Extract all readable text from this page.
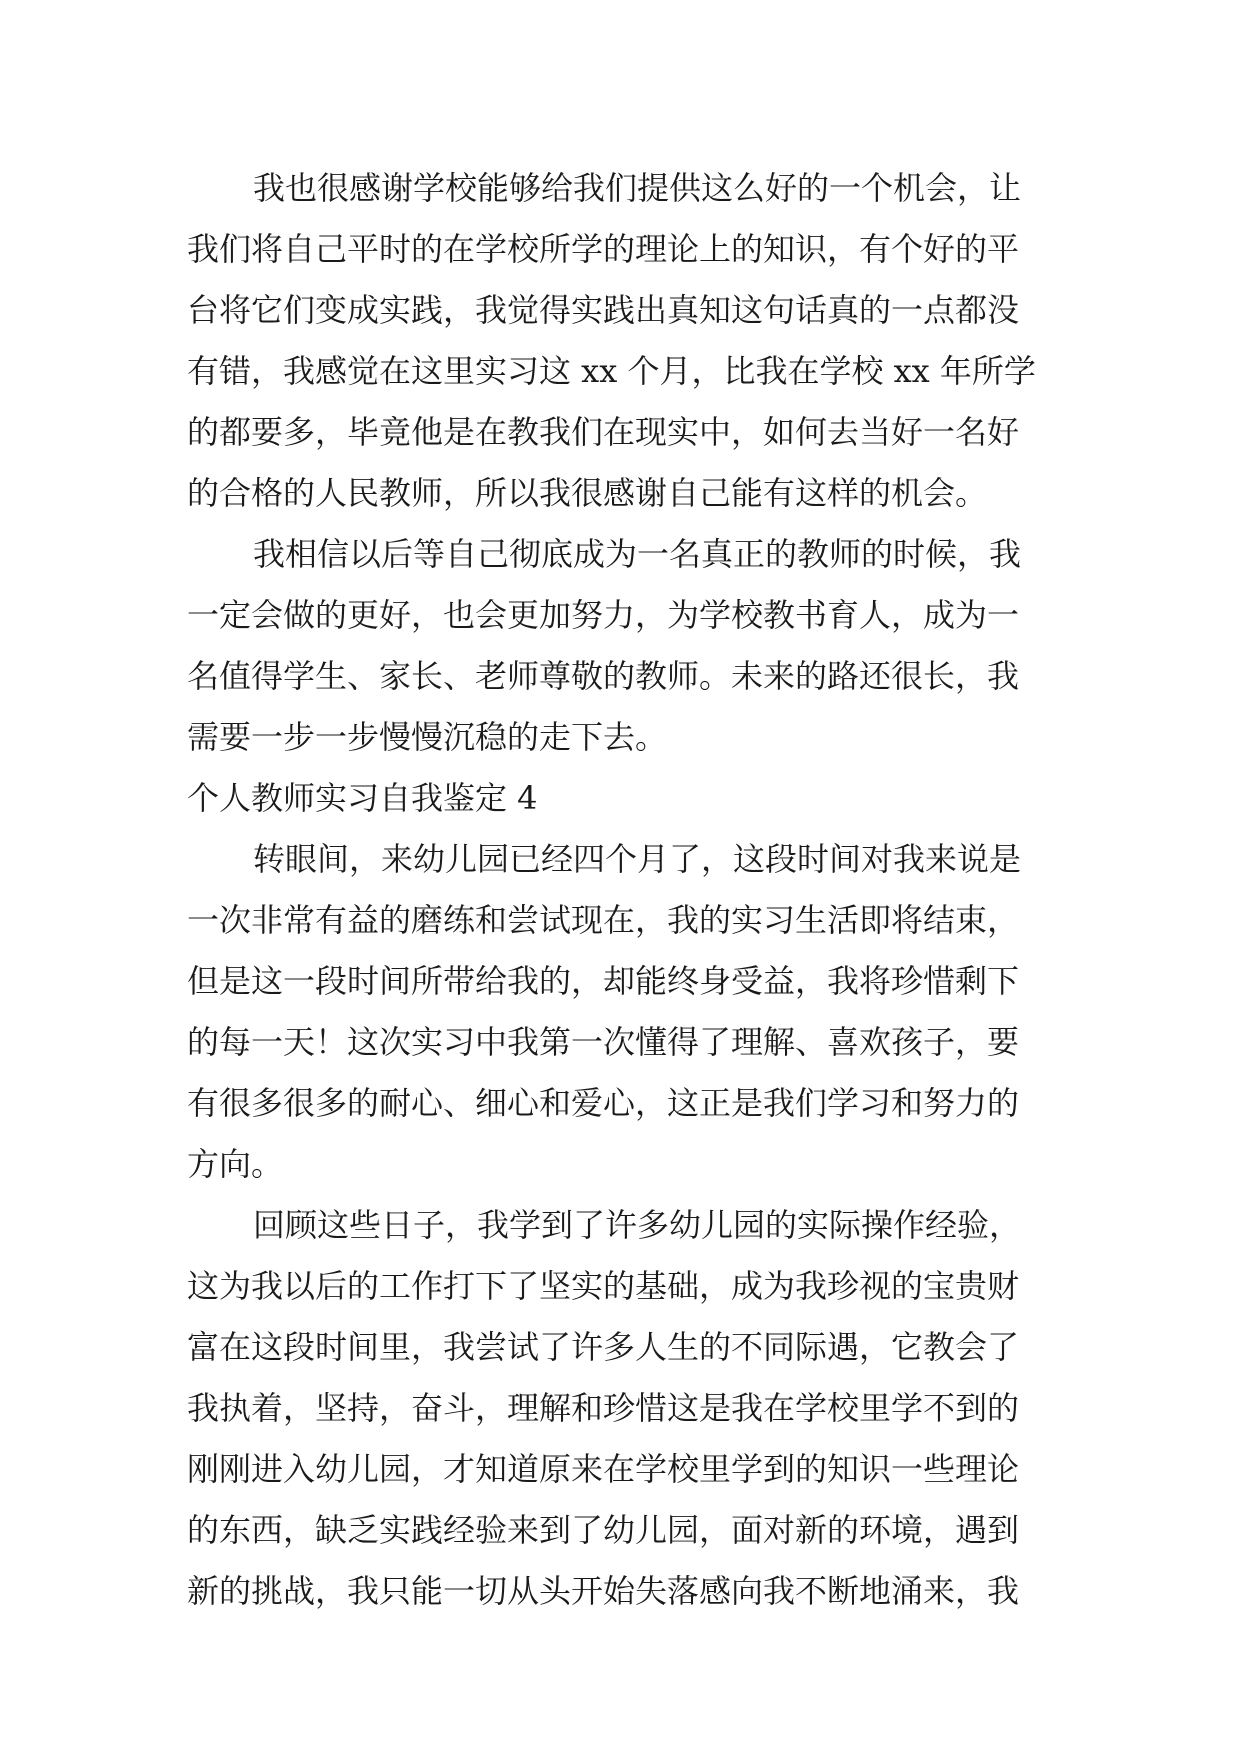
我也很感谢学校能够给我们提供这么好的一个机会，让
我们将自己平时的在学校所学的理论上的知识，有个好的平
台将它们变成实践，我觉得实践出真知这句话真的一点都没
有错，我感觉在这里实习这 xx 个月，比我在学校 xx 年所学
的都要多，毕竟他是在教我们在现实中，如何去当好一名好
的合格的人民教师，所以我很感谢自己能有这样的机会。
我相信以后等自己彻底成为一名真正的教师的时候，我
一定会做的更好，也会更加努力，为学校教书育人，成为一
名值得学生、家长、老师尊敬的教师。未来的路还很长，我
需要一步一步慢慢沉稳的走下去。
个人教师实习自我鉴定 4
转眼间，来幼儿园已经四个月了，这段时间对我来说是
一次非常有益的磨练和尝试现在，我的实习生活即将结束，
但是这一段时间所带给我的，却能终身受益，我将珍惜剩下
的每一天！这次实习中我第一次懂得了理解、喜欢孩子，要
有很多很多的耐心、细心和爱心，这正是我们学习和努力的
方向。
回顾这些日子，我学到了许多幼儿园的实际操作经验，
这为我以后的工作打下了坚实的基础，成为我珍视的宝贵财
富在这段时间里，我尝试了许多人生的不同际遇，它教会了
我执着，坚持，奋斗，理解和珍惜这是我在学校里学不到的
刚刚进入幼儿园，才知道原来在学校里学到的知识一些理论
的东西，缺乏实践经验来到了幼儿园，面对新的环境，遇到
新的挑战，我只能一切从头开始失落感向我不断地涌来，我
